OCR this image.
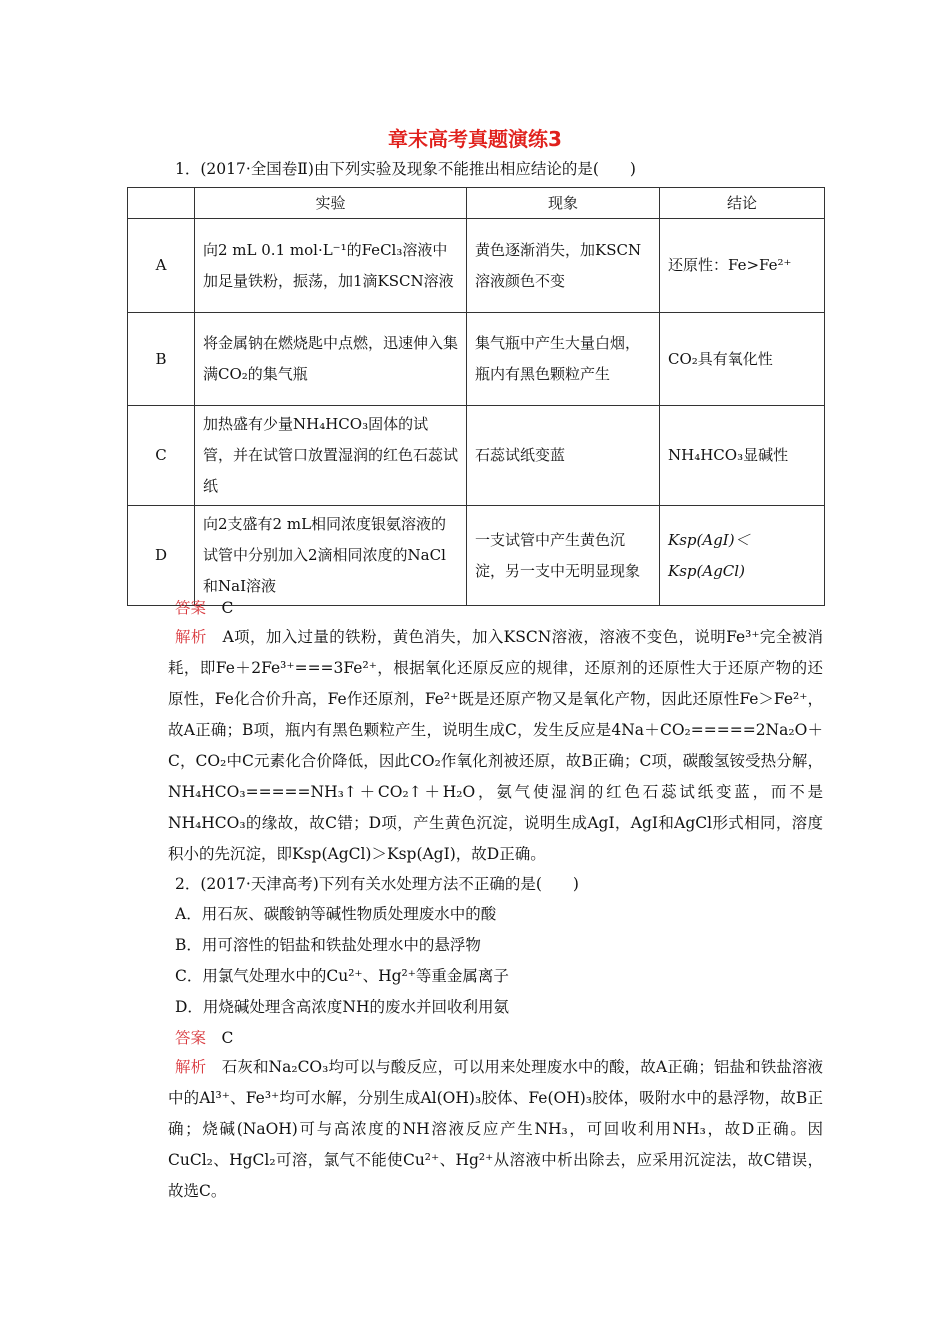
章末高考真题演练3
1．(2017·全国卷Ⅱ)由下列实验及现象不能推出相应结论的是(　　)
	实验	现象	结论
A	向2 mL 0.1 mol·L⁻¹的FeCl₃溶液中加足量铁粉，振荡，加1滴KSCN溶液	黄色逐渐消失，加KSCN溶液颜色不变	还原性：Fe>Fe²⁺
B	将金属钠在燃烧匙中点燃，迅速伸入集满CO₂的集气瓶	集气瓶中产生大量白烟，瓶内有黑色颗粒产生	CO₂具有氧化性
C	加热盛有少量NH₄HCO₃固体的试管，并在试管口放置湿润的红色石蕊试纸	石蕊试纸变蓝	NH₄HCO₃显碱性
D	向2支盛有2 mL相同浓度银氨溶液的试管中分别加入2滴相同浓度的NaCl和NaI溶液	一支试管中产生黄色沉淀，另一支中无明显现象	Ksp(AgI)＜ Ksp(AgCl)
答案　 C
解析　 A项，加入过量的铁粉，黄色消失，加入KSCN溶液，溶液不变色，说明Fe³⁺完全被消耗，即Fe＋2Fe³⁺===3Fe²⁺，根据氧化还原反应的规律，还原剂的还原性大于还原产物的还原性，Fe化合价升高，Fe作还原剂，Fe²⁺既是还原产物又是氧化产物，因此还原性Fe＞Fe²⁺，故A正确；B项，瓶内有黑色颗粒产生，说明生成C，发生反应是4Na＋CO₂=====2Na₂O＋C，CO₂中C元素化合价降低，因此CO₂作氧化剂被还原，故B正确；C项，碳酸氢铵受热分解，NH₄HCO₃=====NH₃↑＋CO₂↑＋H₂O，氨气使湿润的红色石蕊试纸变蓝，而不是NH₄HCO₃的缘故，故C错；D项，产生黄色沉淀，说明生成AgI，AgI和AgCl形式相同，溶度积小的先沉淀，即Ksp(AgCl)＞Ksp(AgI)，故D正确。
2．(2017·天津高考)下列有关水处理方法不正确的是(　　)
A．用石灰、碳酸钠等碱性物质处理废水中的酸
B．用可溶性的铝盐和铁盐处理水中的悬浮物
C．用氯气处理水中的Cu²⁺、Hg²⁺等重金属离子
D．用烧碱处理含高浓度NH的废水并回收利用氨
答案　 C
解析　 石灰和Na₂CO₃均可以与酸反应，可以用来处理废水中的酸，故A正确；铝盐和铁盐溶液中的Al³⁺、Fe³⁺均可水解，分别生成Al(OH)₃胶体、Fe(OH)₃胶体，吸附水中的悬浮物，故B正确；烧碱(NaOH)可与高浓度的NH溶液反应产生NH₃，可回收利用NH₃，故D正确。因CuCl₂、HgCl₂可溶，氯气不能使Cu²⁺、Hg²⁺从溶液中析出除去，应采用沉淀法，故C错误，故选C。
